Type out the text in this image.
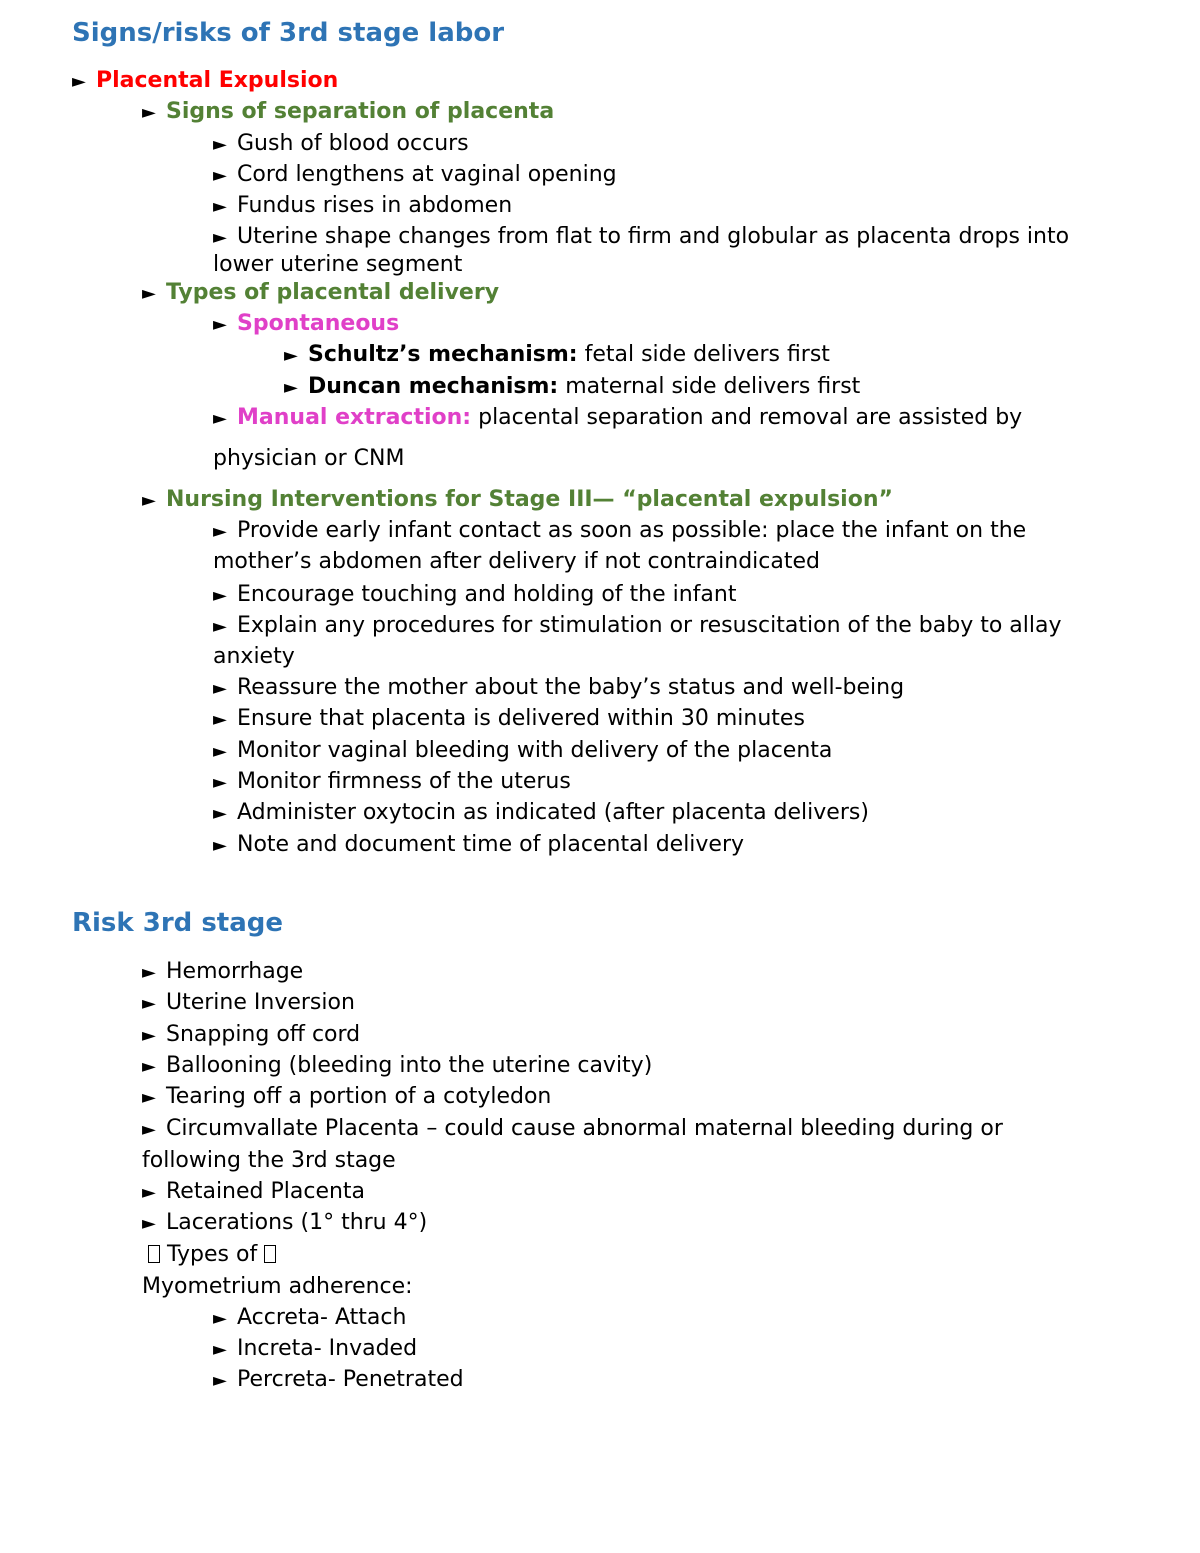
Signs/risks of 3rd stage labor
► Placental Expulsion
► Signs of separation of placenta
► Gush of blood occurs
► Cord lengthens at vaginal opening
► Fundus rises in abdomen
► Uterine shape changes from flat to firm and globular as placenta drops into
lower uterine segment
► Types of placental delivery
► Spontaneous
► Schultz’s mechanism: fetal side delivers first
► Duncan mechanism: maternal side delivers first
► Manual extraction: placental separation and removal are assisted by
physician or CNM
► Nursing Interventions for Stage III— “placental expulsion”
► Provide early infant contact as soon as possible: place the infant on the
mother’s abdomen after delivery if not contraindicated
► Encourage touching and holding of the infant
► Explain any procedures for stimulation or resuscitation of the baby to allay
anxiety
► Reassure the mother about the baby’s status and well-being
► Ensure that placenta is delivered within 30 minutes
► Monitor vaginal bleeding with delivery of the placenta
► Monitor firmness of the uterus
► Administer oxytocin as indicated (after placenta delivers)
► Note and document time of placental delivery
Risk 3rd stage
► Hemorrhage
► Uterine Inversion
► Snapping off cord
► Ballooning (bleeding into the uterine cavity)
► Tearing off a portion of a cotyledon
► Circumvallate Placenta – could cause abnormal maternal bleeding during or
following the 3rd stage
► Retained Placenta
► Lacerations (1° thru 4°)
Types of
Myometrium adherence:
► Accreta- Attach
► Increta- Invaded
► Percreta- Penetrated
